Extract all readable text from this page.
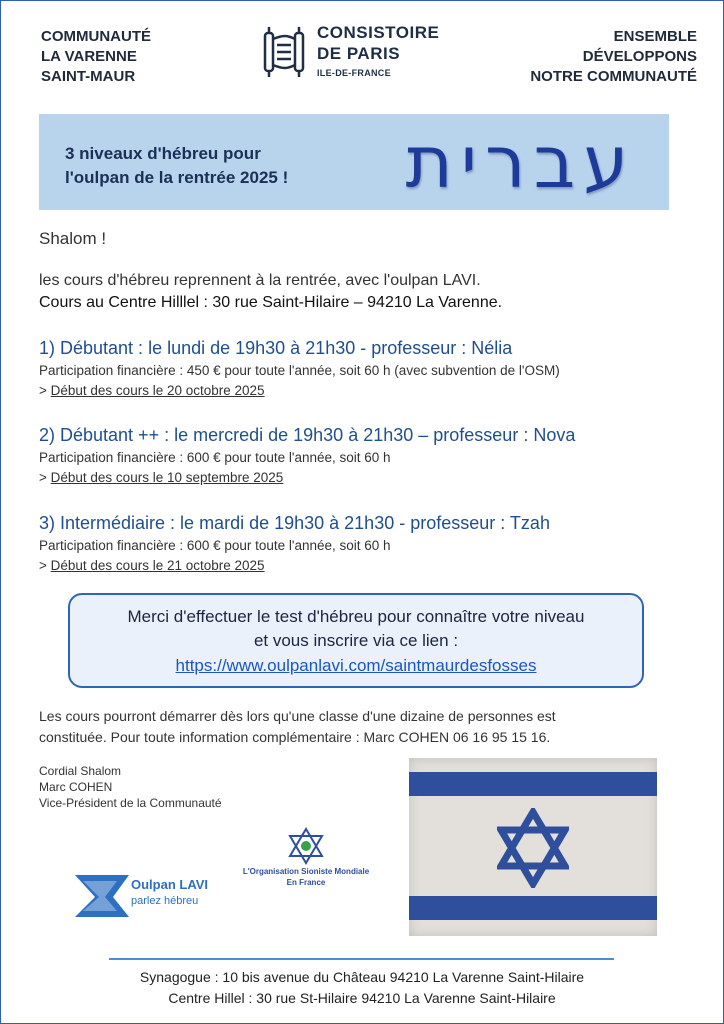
COMMUNAUTÉ
LA VARENNE
SAINT-MAUR
CONSISTOIRE
DE PARIS
ILE-DE-FRANCE
ENSEMBLE
DÉVELOPPONS
NOTRE COMMUNAUTÉ
3 niveaux d'hébreu pour
l'oulpan de la rentrée 2025 ! עברית
Shalom !
les cours d'hébreu reprennent à la rentrée, avec l'oulpan LAVI.
Cours au Centre Hilllel : 30 rue Saint-Hilaire – 94210 La Varenne.
1) Débutant : le lundi de 19h30 à 21h30 - professeur : Nélia
Participation financière : 450 € pour toute l'année, soit 60 h (avec subvention de l'OSM)
> Début des cours le 20 octobre 2025
2) Débutant ++ : le mercredi de 19h30 à 21h30 – professeur : Nova
Participation financière : 600 € pour toute l'année, soit 60 h
> Début des cours le 10 septembre 2025
3) Intermédiaire : le mardi de 19h30 à 21h30 - professeur : Tzah
Participation financière : 600 € pour toute l'année, soit 60 h
> Début des cours le 21 octobre 2025
Merci d'effectuer le test d'hébreu pour connaître votre niveau
et vous inscrire via ce lien :
https://www.oulpanlavi.com/saintmaurdesfosses
Les cours pourront démarrer dès lors qu'une classe d'une dizaine de personnes est
constituée. Pour toute information complémentaire : Marc COHEN 06 16 95 15 16.
Cordial Shalom
Marc COHEN
Vice-Président de la Communauté
L'Organisation Sioniste Mondiale
En France
Oulpan LAVI
parlez hébreu
Synagogue : 10 bis avenue du Château 94210 La Varenne Saint-Hilaire
Centre Hillel : 30 rue St-Hilaire 94210 La Varenne Saint-Hilaire
